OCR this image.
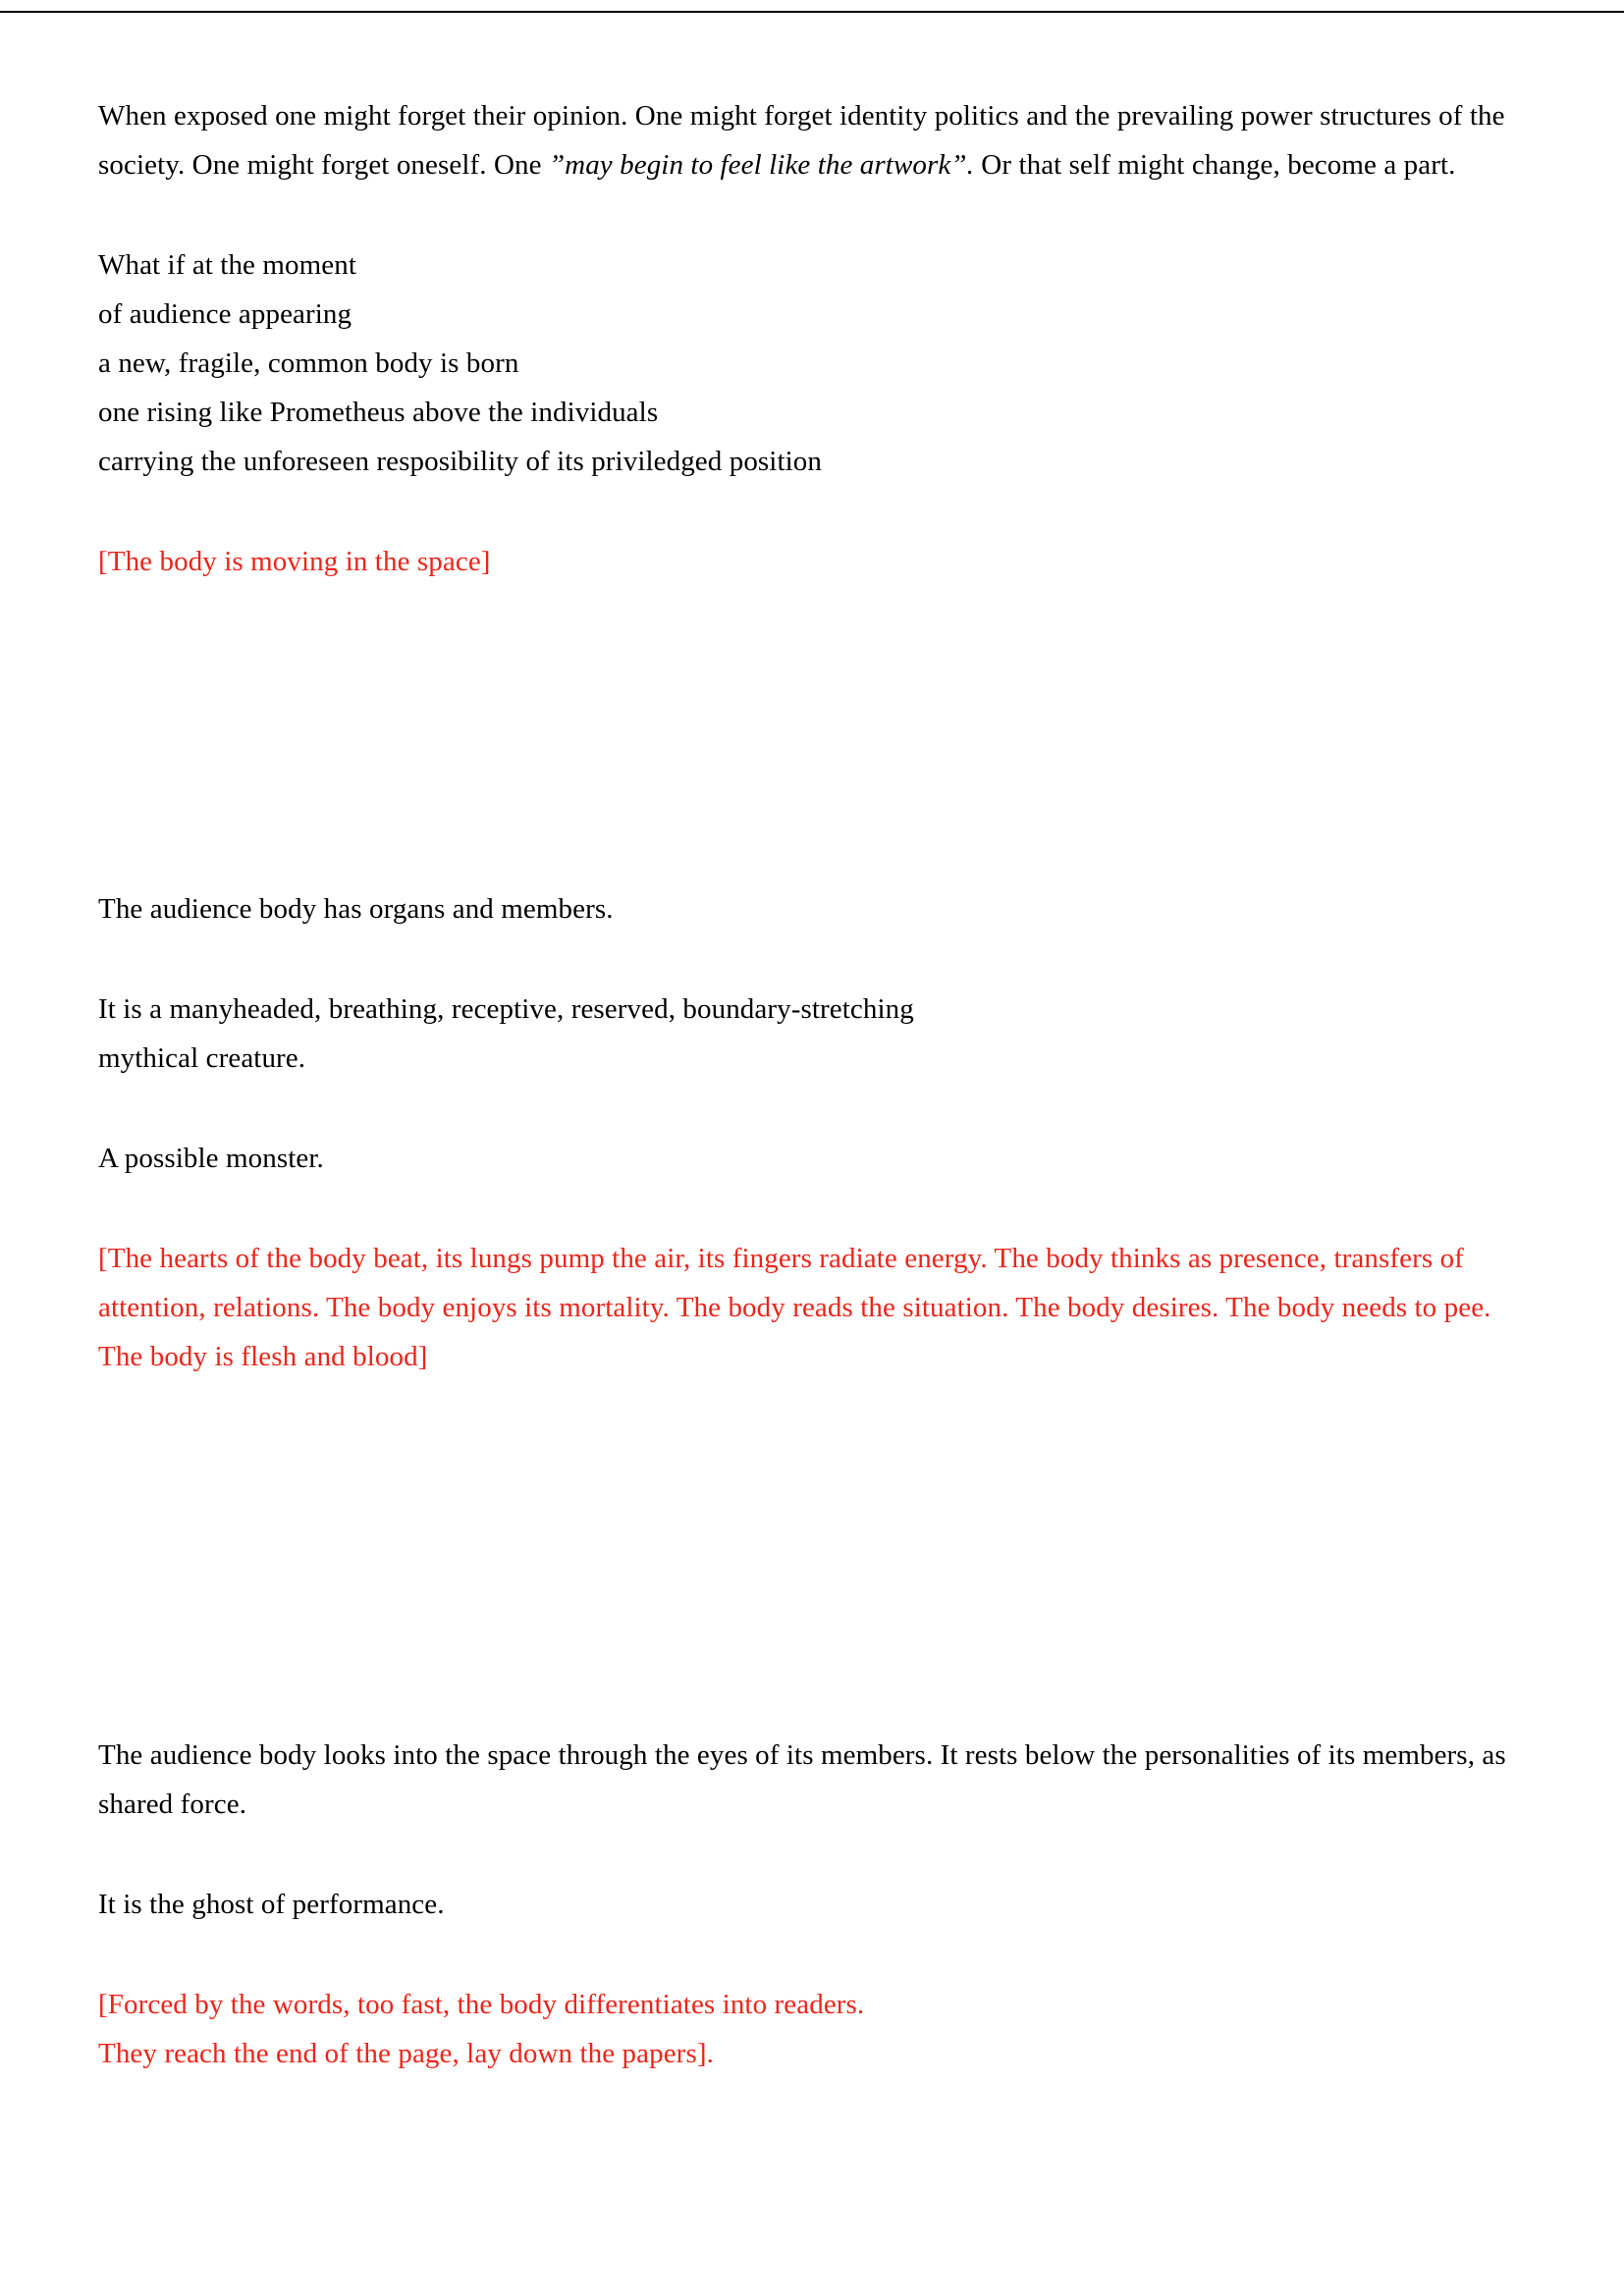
When exposed one might forget their opinion. One might forget identity politics and the prevailing power structures of the society. One might forget oneself. One ”may begin to feel like the artwork”. Or that self might change, become a part.

What if at the moment
of audience appearing
a new, fragile, common body is born
one rising like Prometheus above the individuals
carrying the unforeseen resposibility of its priviledged position

[The body is moving in the space]

The audience body has organs and members.

It is a manyheaded, breathing, receptive, reserved, boundary-stretching
mythical creature.

A possible monster.

[The hearts of the body beat, its lungs pump the air, its fingers radiate energy. The body thinks as presence, transfers of attention, relations. The body enjoys its mortality. The body reads the situation. The body desires. The body needs to pee. The body is flesh and blood]

The audience body looks into the space through the eyes of its members. It rests below the personalities of its members, as shared force.

It is the ghost of performance.

[Forced by the words, too fast, the body differentiates into readers.
They reach the end of the page, lay down the papers].
